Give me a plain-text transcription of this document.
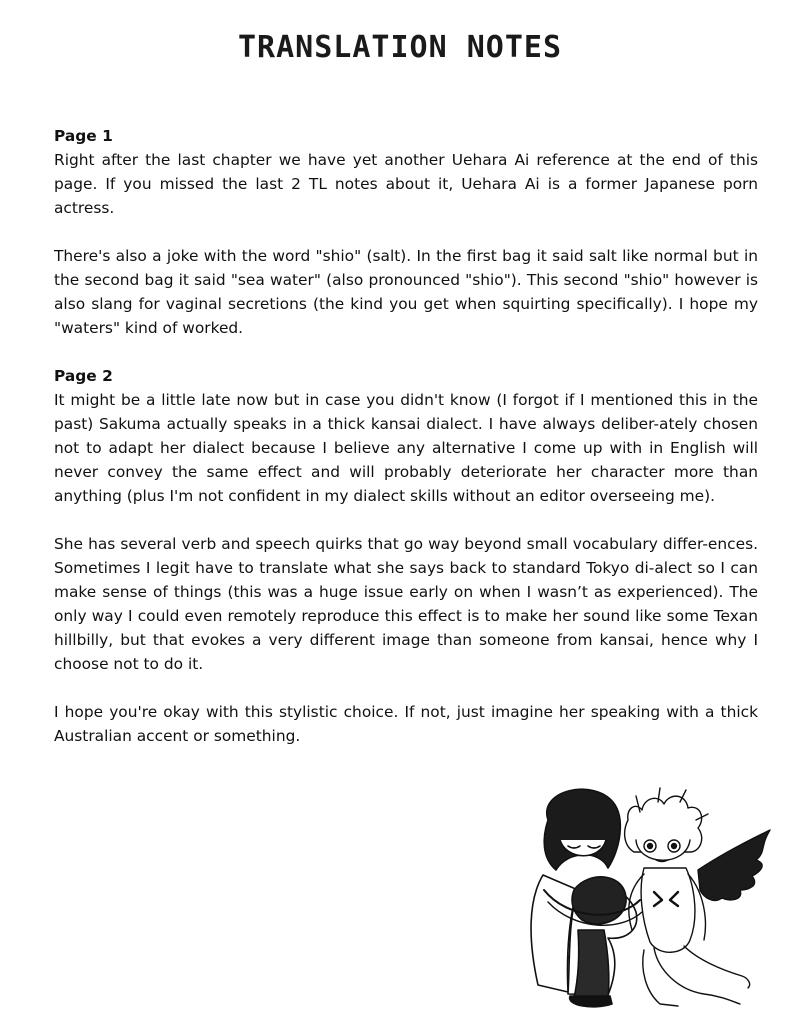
TRANSLATION NOTES

Page 1

Right after the last chapter we have yet another Uehara Ai reference at the end of this page. If you missed the last 2 TL notes about it, Uehara Ai is a former Japanese porn actress.

There's also a joke with the word "shio" (salt). In the first bag it said salt like normal but in the second bag it said "sea water" (also pronounced "shio"). This second "shio" however is also slang for vaginal secretions (the kind you get when squirting specifically). I hope my "waters" kind of worked.

Page 2

It might be a little late now but in case you didn't know (I forgot if I mentioned this in the past) Sakuma actually speaks in a thick kansai dialect. I have always deliber-ately chosen not to adapt her dialect because I believe any alternative I come up with in English will never convey the same effect and will probably deteriorate her character more than anything (plus I'm not confident in my dialect skills without an editor overseeing me).

She has several verb and speech quirks that go way beyond small vocabulary differ-ences. Sometimes I legit have to translate what she says back to standard Tokyo di-alect so I can make sense of things (this was a huge issue early on when I wasn’t as experienced). The only way I could even remotely reproduce this effect is to make her sound like some Texan hillbilly, but that evokes a very different image than someone from kansai, hence why I choose not to do it.

I hope you're okay with this stylistic choice. If not, just imagine her speaking with a thick Australian accent or something.
